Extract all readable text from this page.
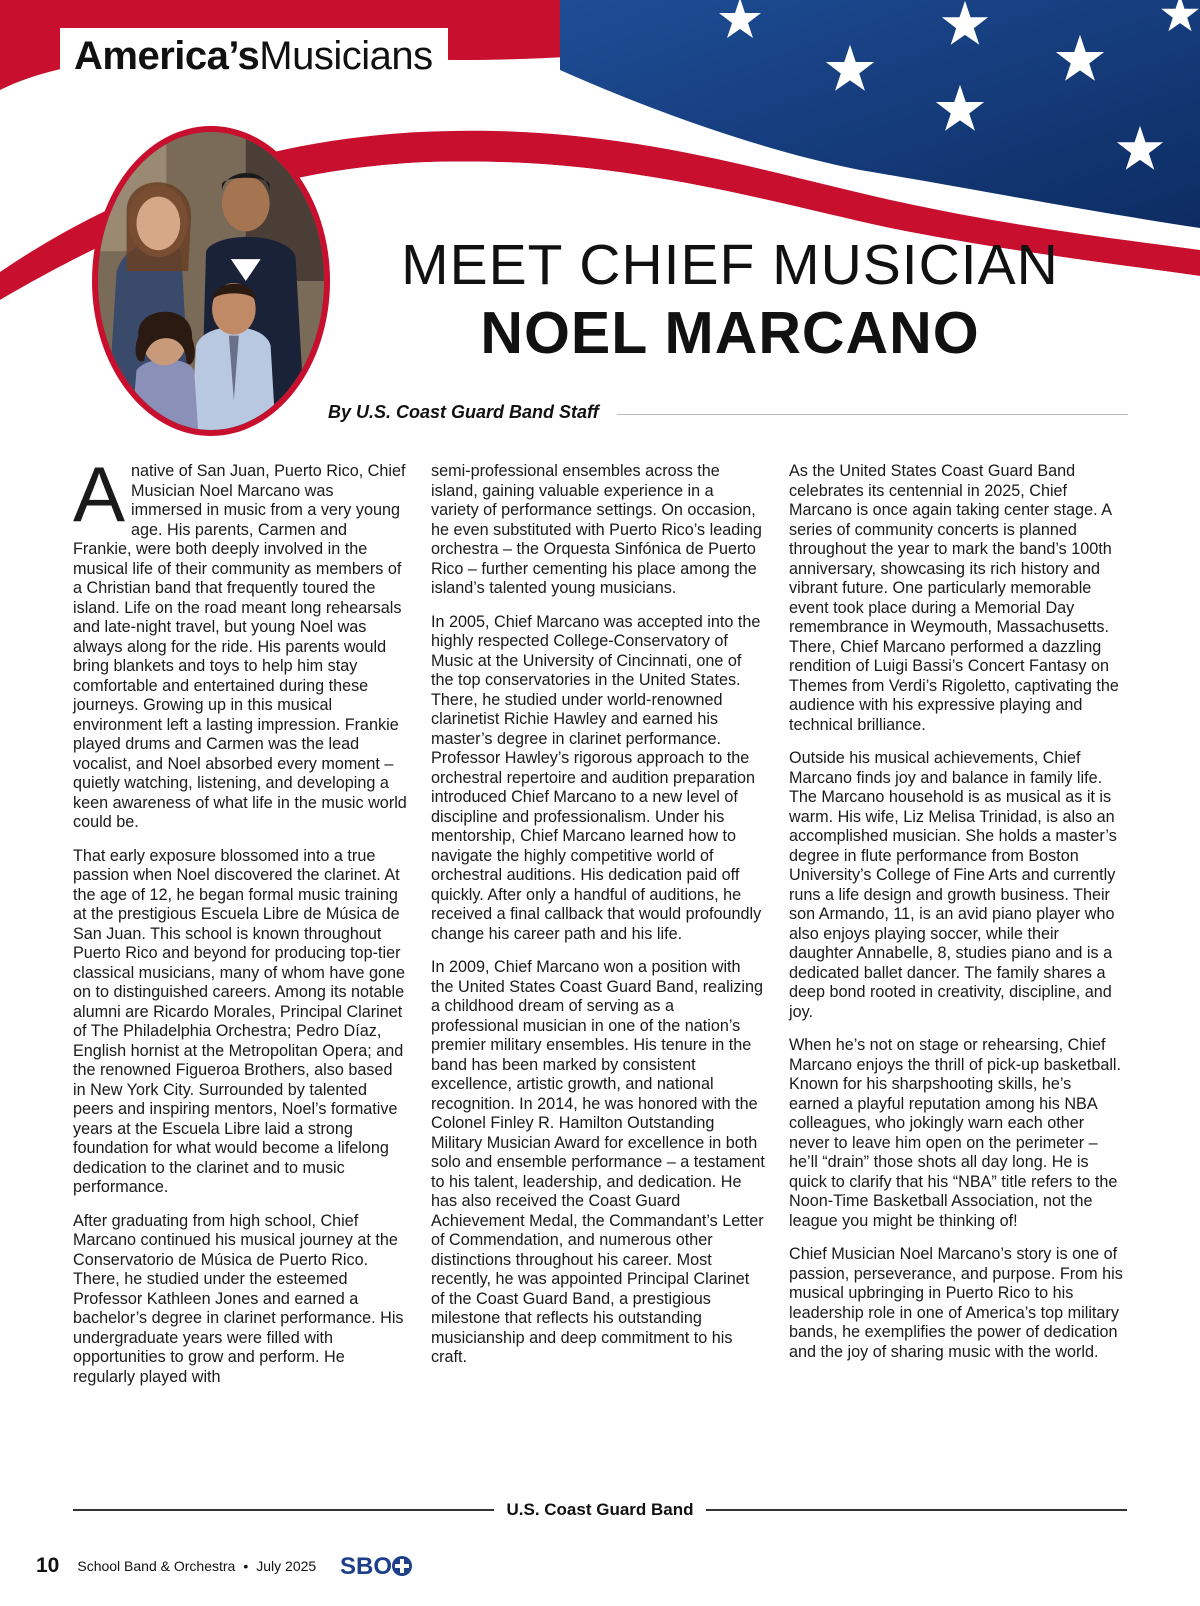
America’s Musicians
MEET CHIEF MUSICIAN
NOEL MARCANO
By U.S. Coast Guard Band Staff

Anative of San Juan, Puerto Rico, Chief Musician Noel Marcano was immersed in music from a very young age. His parents, Carmen and Frankie, were both deeply involved in the musical life of their community as members of a Christian band that frequently toured the island. Life on the road meant long rehearsals and late-night travel, but young Noel was always along for the ride. His parents would bring blankets and toys to help him stay comfortable and entertained during these journeys. Growing up in this musical environment left a lasting impression. Frankie played drums and Carmen was the lead vocalist, and Noel absorbed every moment – quietly watching, listening, and developing a keen awareness of what life in the music world could be.

That early exposure blossomed into a true passion when Noel discovered the clarinet. At the age of 12, he began formal music training at the prestigious Escuela Libre de Música de San Juan. This school is known throughout Puerto Rico and beyond for producing top-tier classical musicians, many of whom have gone on to distinguished careers. Among its notable alumni are Ricardo Morales, Principal Clarinet of The Philadelphia Orchestra; Pedro Díaz, English hornist at the Metropolitan Opera; and the renowned Figueroa Brothers, also based in New York City. Surrounded by talented peers and inspiring mentors, Noel’s formative years at the Escuela Libre laid a strong foundation for what would become a lifelong dedication to the clarinet and to music performance.

After graduating from high school, Chief Marcano continued his musical journey at the Conservatorio de Música de Puerto Rico. There, he studied under the esteemed Professor Kathleen Jones and earned a bachelor’s degree in clarinet performance. His undergraduate years were filled with opportunities to grow and perform. He regularly played with

semi-professional ensembles across the island, gaining valuable experience in a variety of performance settings. On occasion, he even substituted with Puerto Rico’s leading orchestra – the Orquesta Sinfónica de Puerto Rico – further cementing his place among the island’s talented young musicians.

In 2005, Chief Marcano was accepted into the highly respected College-Conservatory of Music at the University of Cincinnati, one of the top conservatories in the United States. There, he studied under world-renowned clarinetist Richie Hawley and earned his master’s degree in clarinet performance. Professor Hawley’s rigorous approach to the orchestral repertoire and audition preparation introduced Chief Marcano to a new level of discipline and professionalism. Under his mentorship, Chief Marcano learned how to navigate the highly competitive world of orchestral auditions. His dedication paid off quickly. After only a handful of auditions, he received a final callback that would profoundly change his career path and his life.

In 2009, Chief Marcano won a position with the United States Coast Guard Band, realizing a childhood dream of serving as a professional musician in one of the nation’s premier military ensembles. His tenure in the band has been marked by consistent excellence, artistic growth, and national recognition. In 2014, he was honored with the Colonel Finley R. Hamilton Outstanding Military Musician Award for excellence in both solo and ensemble performance – a testament to his talent, leadership, and dedication. He has also received the Coast Guard Achievement Medal, the Commandant’s Letter of Commendation, and numerous other distinctions throughout his career. Most recently, he was appointed Principal Clarinet of the Coast Guard Band, a prestigious milestone that reflects his outstanding musicianship and deep commitment to his craft.

As the United States Coast Guard Band celebrates its centennial in 2025, Chief Marcano is once again taking center stage. A series of community concerts is planned throughout the year to mark the band’s 100th anniversary, showcasing its rich history and vibrant future. One particularly memorable event took place during a Memorial Day remembrance in Weymouth, Massachusetts. There, Chief Marcano performed a dazzling rendition of Luigi Bassi’s Concert Fantasy on Themes from Verdi’s Rigoletto, captivating the audience with his expressive playing and technical brilliance.

Outside his musical achievements, Chief Marcano finds joy and balance in family life. The Marcano household is as musical as it is warm. His wife, Liz Melisa Trinidad, is also an accomplished musician. She holds a master’s degree in flute performance from Boston University’s College of Fine Arts and currently runs a life design and growth business. Their son Armando, 11, is an avid piano player who also enjoys playing soccer, while their daughter Annabelle, 8, studies piano and is a dedicated ballet dancer. The family shares a deep bond rooted in creativity, discipline, and joy.

When he’s not on stage or rehearsing, Chief Marcano enjoys the thrill of pick-up basketball. Known for his sharpshooting skills, he’s earned a playful reputation among his NBA colleagues, who jokingly warn each other never to leave him open on the perimeter – he’ll “drain” those shots all day long. He is quick to clarify that his “NBA” title refers to the Noon-Time Basketball Association, not the league you might be thinking of!

Chief Musician Noel Marcano’s story is one of passion, perseverance, and purpose. From his musical upbringing in Puerto Rico to his leadership role in one of America’s top military bands, he exemplifies the power of dedication and the joy of sharing music with the world.

U.S. Coast Guard Band
10 School Band & Orchestra • July 2025 SBO
